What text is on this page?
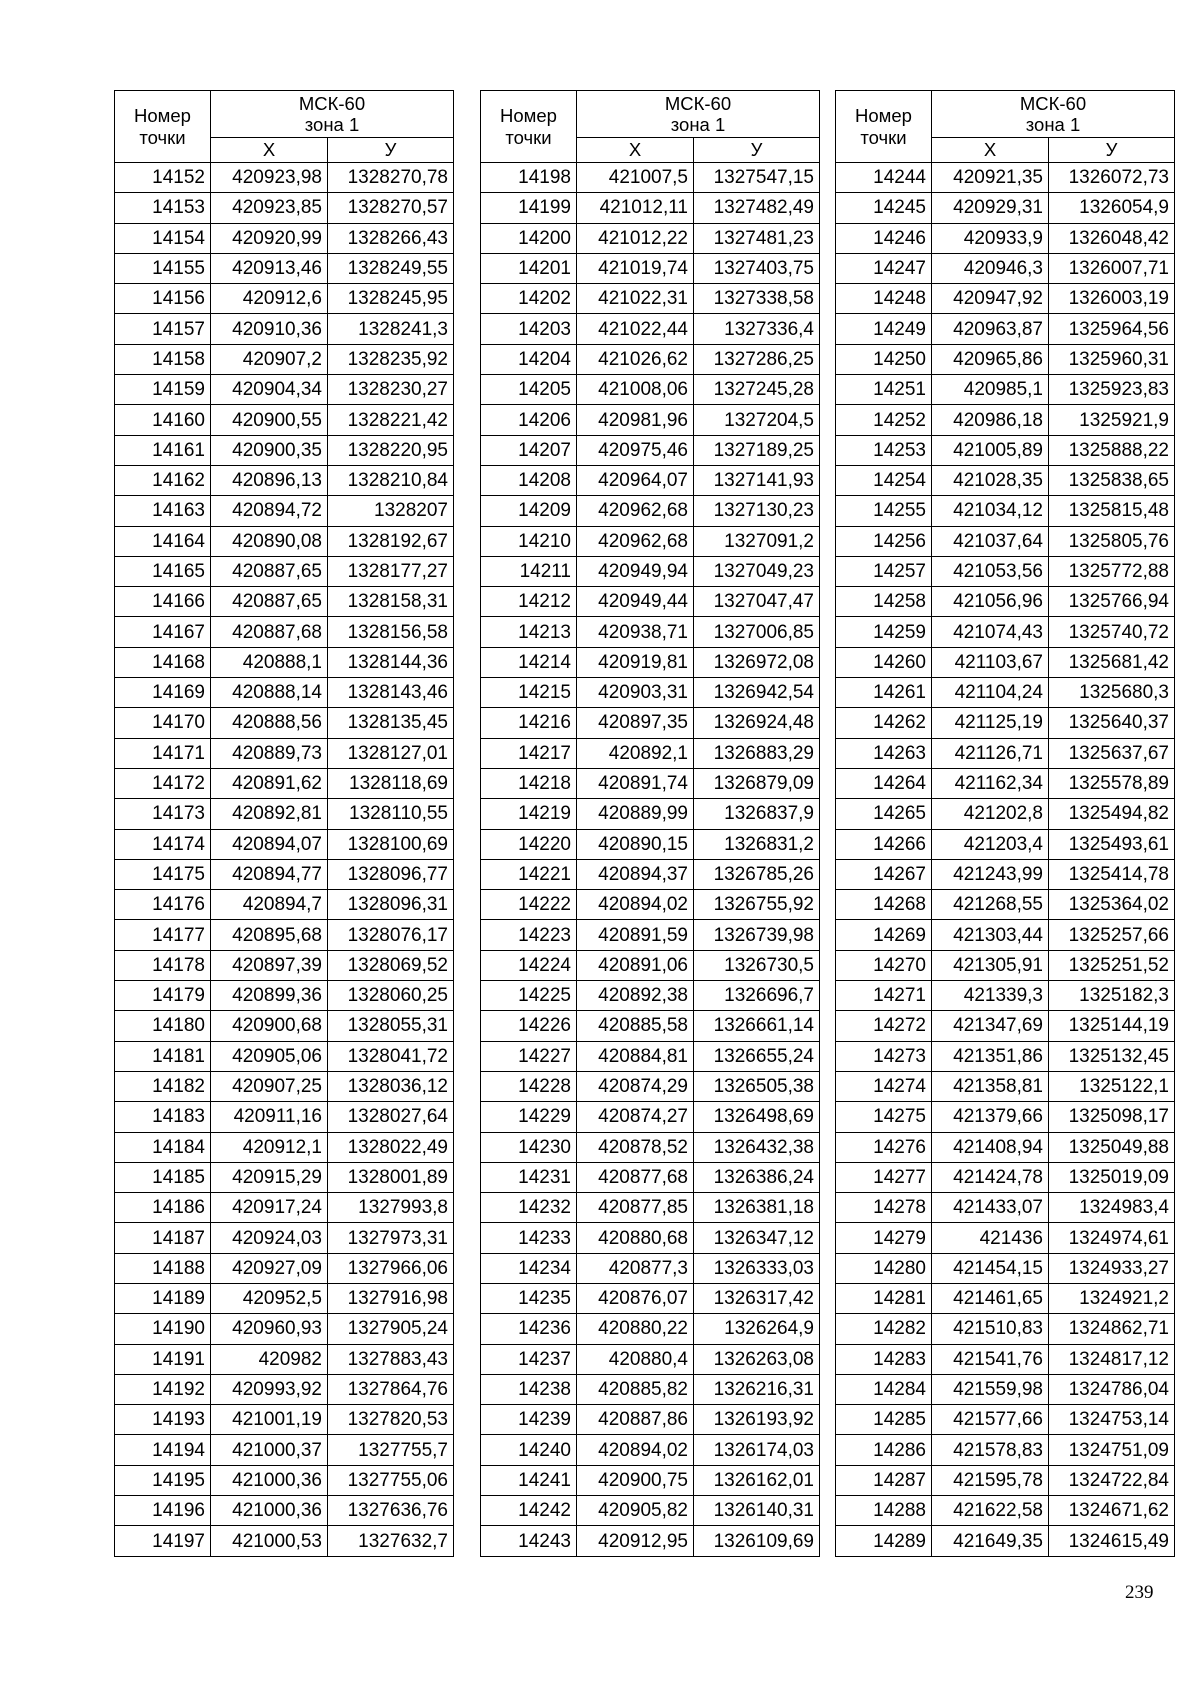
Номер точки	МСК-60
зона 1	
	Х	У
14152	420923,98	1328270,78
14153	420923,85	1328270,57
14154	420920,99	1328266,43
14155	420913,46	1328249,55
14156	420912,6	1328245,95
14157	420910,36	1328241,3
14158	420907,2	1328235,92
14159	420904,34	1328230,27
14160	420900,55	1328221,42
14161	420900,35	1328220,95
14162	420896,13	1328210,84
14163	420894,72	1328207
14164	420890,08	1328192,67
14165	420887,65	1328177,27
14166	420887,65	1328158,31
14167	420887,68	1328156,58
14168	420888,1	1328144,36
14169	420888,14	1328143,46
14170	420888,56	1328135,45
14171	420889,73	1328127,01
14172	420891,62	1328118,69
14173	420892,81	1328110,55
14174	420894,07	1328100,69
14175	420894,77	1328096,77
14176	420894,7	1328096,31
14177	420895,68	1328076,17
14178	420897,39	1328069,52
14179	420899,36	1328060,25
14180	420900,68	1328055,31
14181	420905,06	1328041,72
14182	420907,25	1328036,12
14183	420911,16	1328027,64
14184	420912,1	1328022,49
14185	420915,29	1328001,89
14186	420917,24	1327993,8
14187	420924,03	1327973,31
14188	420927,09	1327966,06
14189	420952,5	1327916,98
14190	420960,93	1327905,24
14191	420982	1327883,43
14192	420993,92	1327864,76
14193	421001,19	1327820,53
14194	421000,37	1327755,7
14195	421000,36	1327755,06
14196	421000,36	1327636,76
14197	421000,53	1327632,7
Номер точки	МСК-60
зона 1	
	Х	У
14198	421007,5	1327547,15
14199	421012,11	1327482,49
14200	421012,22	1327481,23
14201	421019,74	1327403,75
14202	421022,31	1327338,58
14203	421022,44	1327336,4
14204	421026,62	1327286,25
14205	421008,06	1327245,28
14206	420981,96	1327204,5
14207	420975,46	1327189,25
14208	420964,07	1327141,93
14209	420962,68	1327130,23
14210	420962,68	1327091,2
14211	420949,94	1327049,23
14212	420949,44	1327047,47
14213	420938,71	1327006,85
14214	420919,81	1326972,08
14215	420903,31	1326942,54
14216	420897,35	1326924,48
14217	420892,1	1326883,29
14218	420891,74	1326879,09
14219	420889,99	1326837,9
14220	420890,15	1326831,2
14221	420894,37	1326785,26
14222	420894,02	1326755,92
14223	420891,59	1326739,98
14224	420891,06	1326730,5
14225	420892,38	1326696,7
14226	420885,58	1326661,14
14227	420884,81	1326655,24
14228	420874,29	1326505,38
14229	420874,27	1326498,69
14230	420878,52	1326432,38
14231	420877,68	1326386,24
14232	420877,85	1326381,18
14233	420880,68	1326347,12
14234	420877,3	1326333,03
14235	420876,07	1326317,42
14236	420880,22	1326264,9
14237	420880,4	1326263,08
14238	420885,82	1326216,31
14239	420887,86	1326193,92
14240	420894,02	1326174,03
14241	420900,75	1326162,01
14242	420905,82	1326140,31
14243	420912,95	1326109,69
Номер точки	МСК-60
зона 1	
	Х	У
14244	420921,35	1326072,73
14245	420929,31	1326054,9
14246	420933,9	1326048,42
14247	420946,3	1326007,71
14248	420947,92	1326003,19
14249	420963,87	1325964,56
14250	420965,86	1325960,31
14251	420985,1	1325923,83
14252	420986,18	1325921,9
14253	421005,89	1325888,22
14254	421028,35	1325838,65
14255	421034,12	1325815,48
14256	421037,64	1325805,76
14257	421053,56	1325772,88
14258	421056,96	1325766,94
14259	421074,43	1325740,72
14260	421103,67	1325681,42
14261	421104,24	1325680,3
14262	421125,19	1325640,37
14263	421126,71	1325637,67
14264	421162,34	1325578,89
14265	421202,8	1325494,82
14266	421203,4	1325493,61
14267	421243,99	1325414,78
14268	421268,55	1325364,02
14269	421303,44	1325257,66
14270	421305,91	1325251,52
14271	421339,3	1325182,3
14272	421347,69	1325144,19
14273	421351,86	1325132,45
14274	421358,81	1325122,1
14275	421379,66	1325098,17
14276	421408,94	1325049,88
14277	421424,78	1325019,09
14278	421433,07	1324983,4
14279	421436	1324974,61
14280	421454,15	1324933,27
14281	421461,65	1324921,2
14282	421510,83	1324862,71
14283	421541,76	1324817,12
14284	421559,98	1324786,04
14285	421577,66	1324753,14
14286	421578,83	1324751,09
14287	421595,78	1324722,84
14288	421622,58	1324671,62
14289	421649,35	1324615,49
239
